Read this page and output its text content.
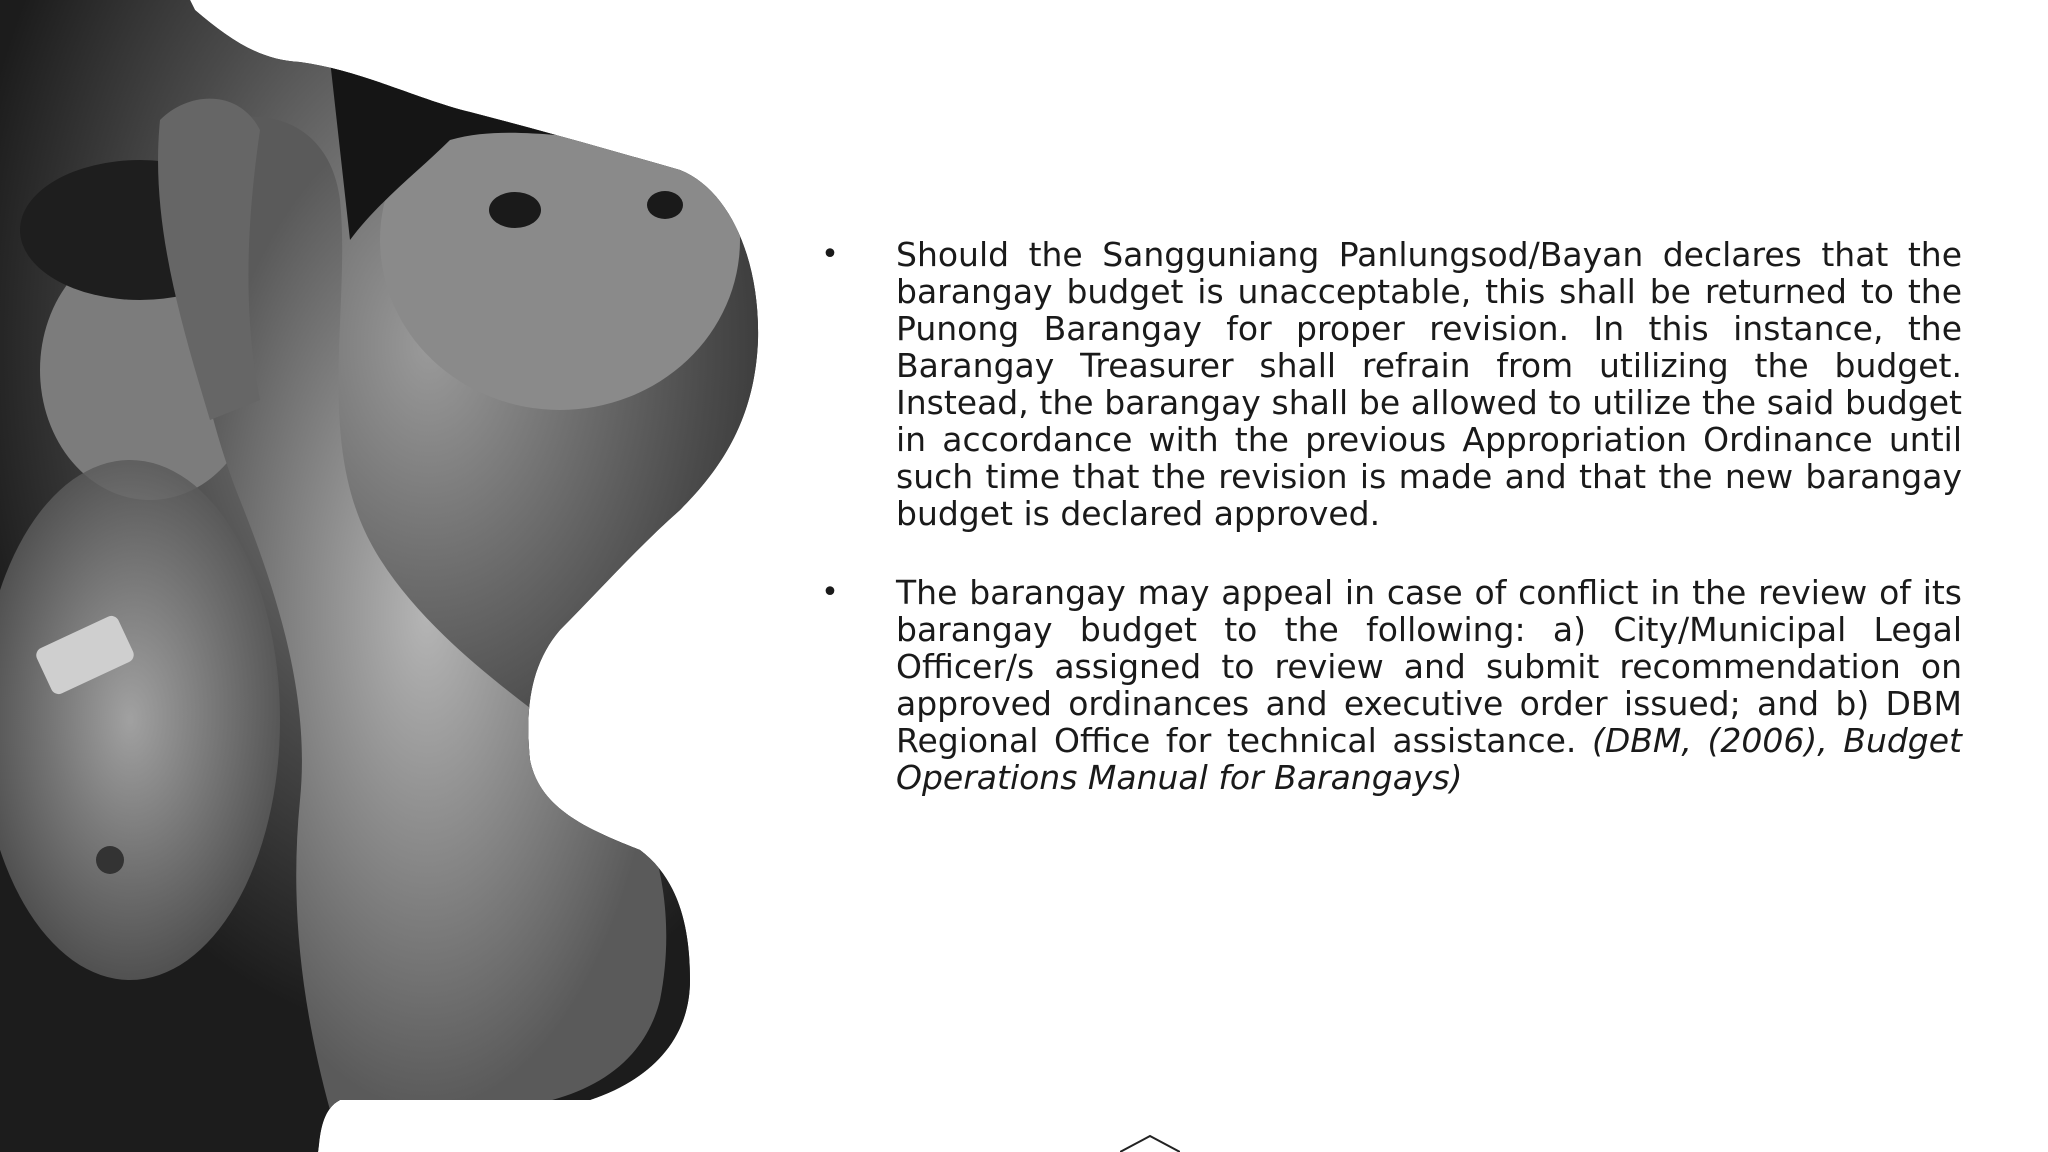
• Should the Sangguniang Panlungsod/Bayan declares that the barangay budget is unacceptable, this shall be returned to the Punong Barangay for proper revision. In this instance, the Barangay Treasurer shall refrain from utilizing the budget. Instead, the barangay shall be allowed to utilize the said budget in accordance with the previous Appropriation Ordinance until such time that the revision is made and that the new barangay budget is declared approved.
• The barangay may appeal in case of conflict in the review of its barangay budget to the following: a) City/Municipal Legal Officer/s assigned to review and submit recommendation on approved ordinances and executive order issued; and b) DBM Regional Office for technical assistance. (DBM, (2006), Budget Operations Manual for Barangays)
